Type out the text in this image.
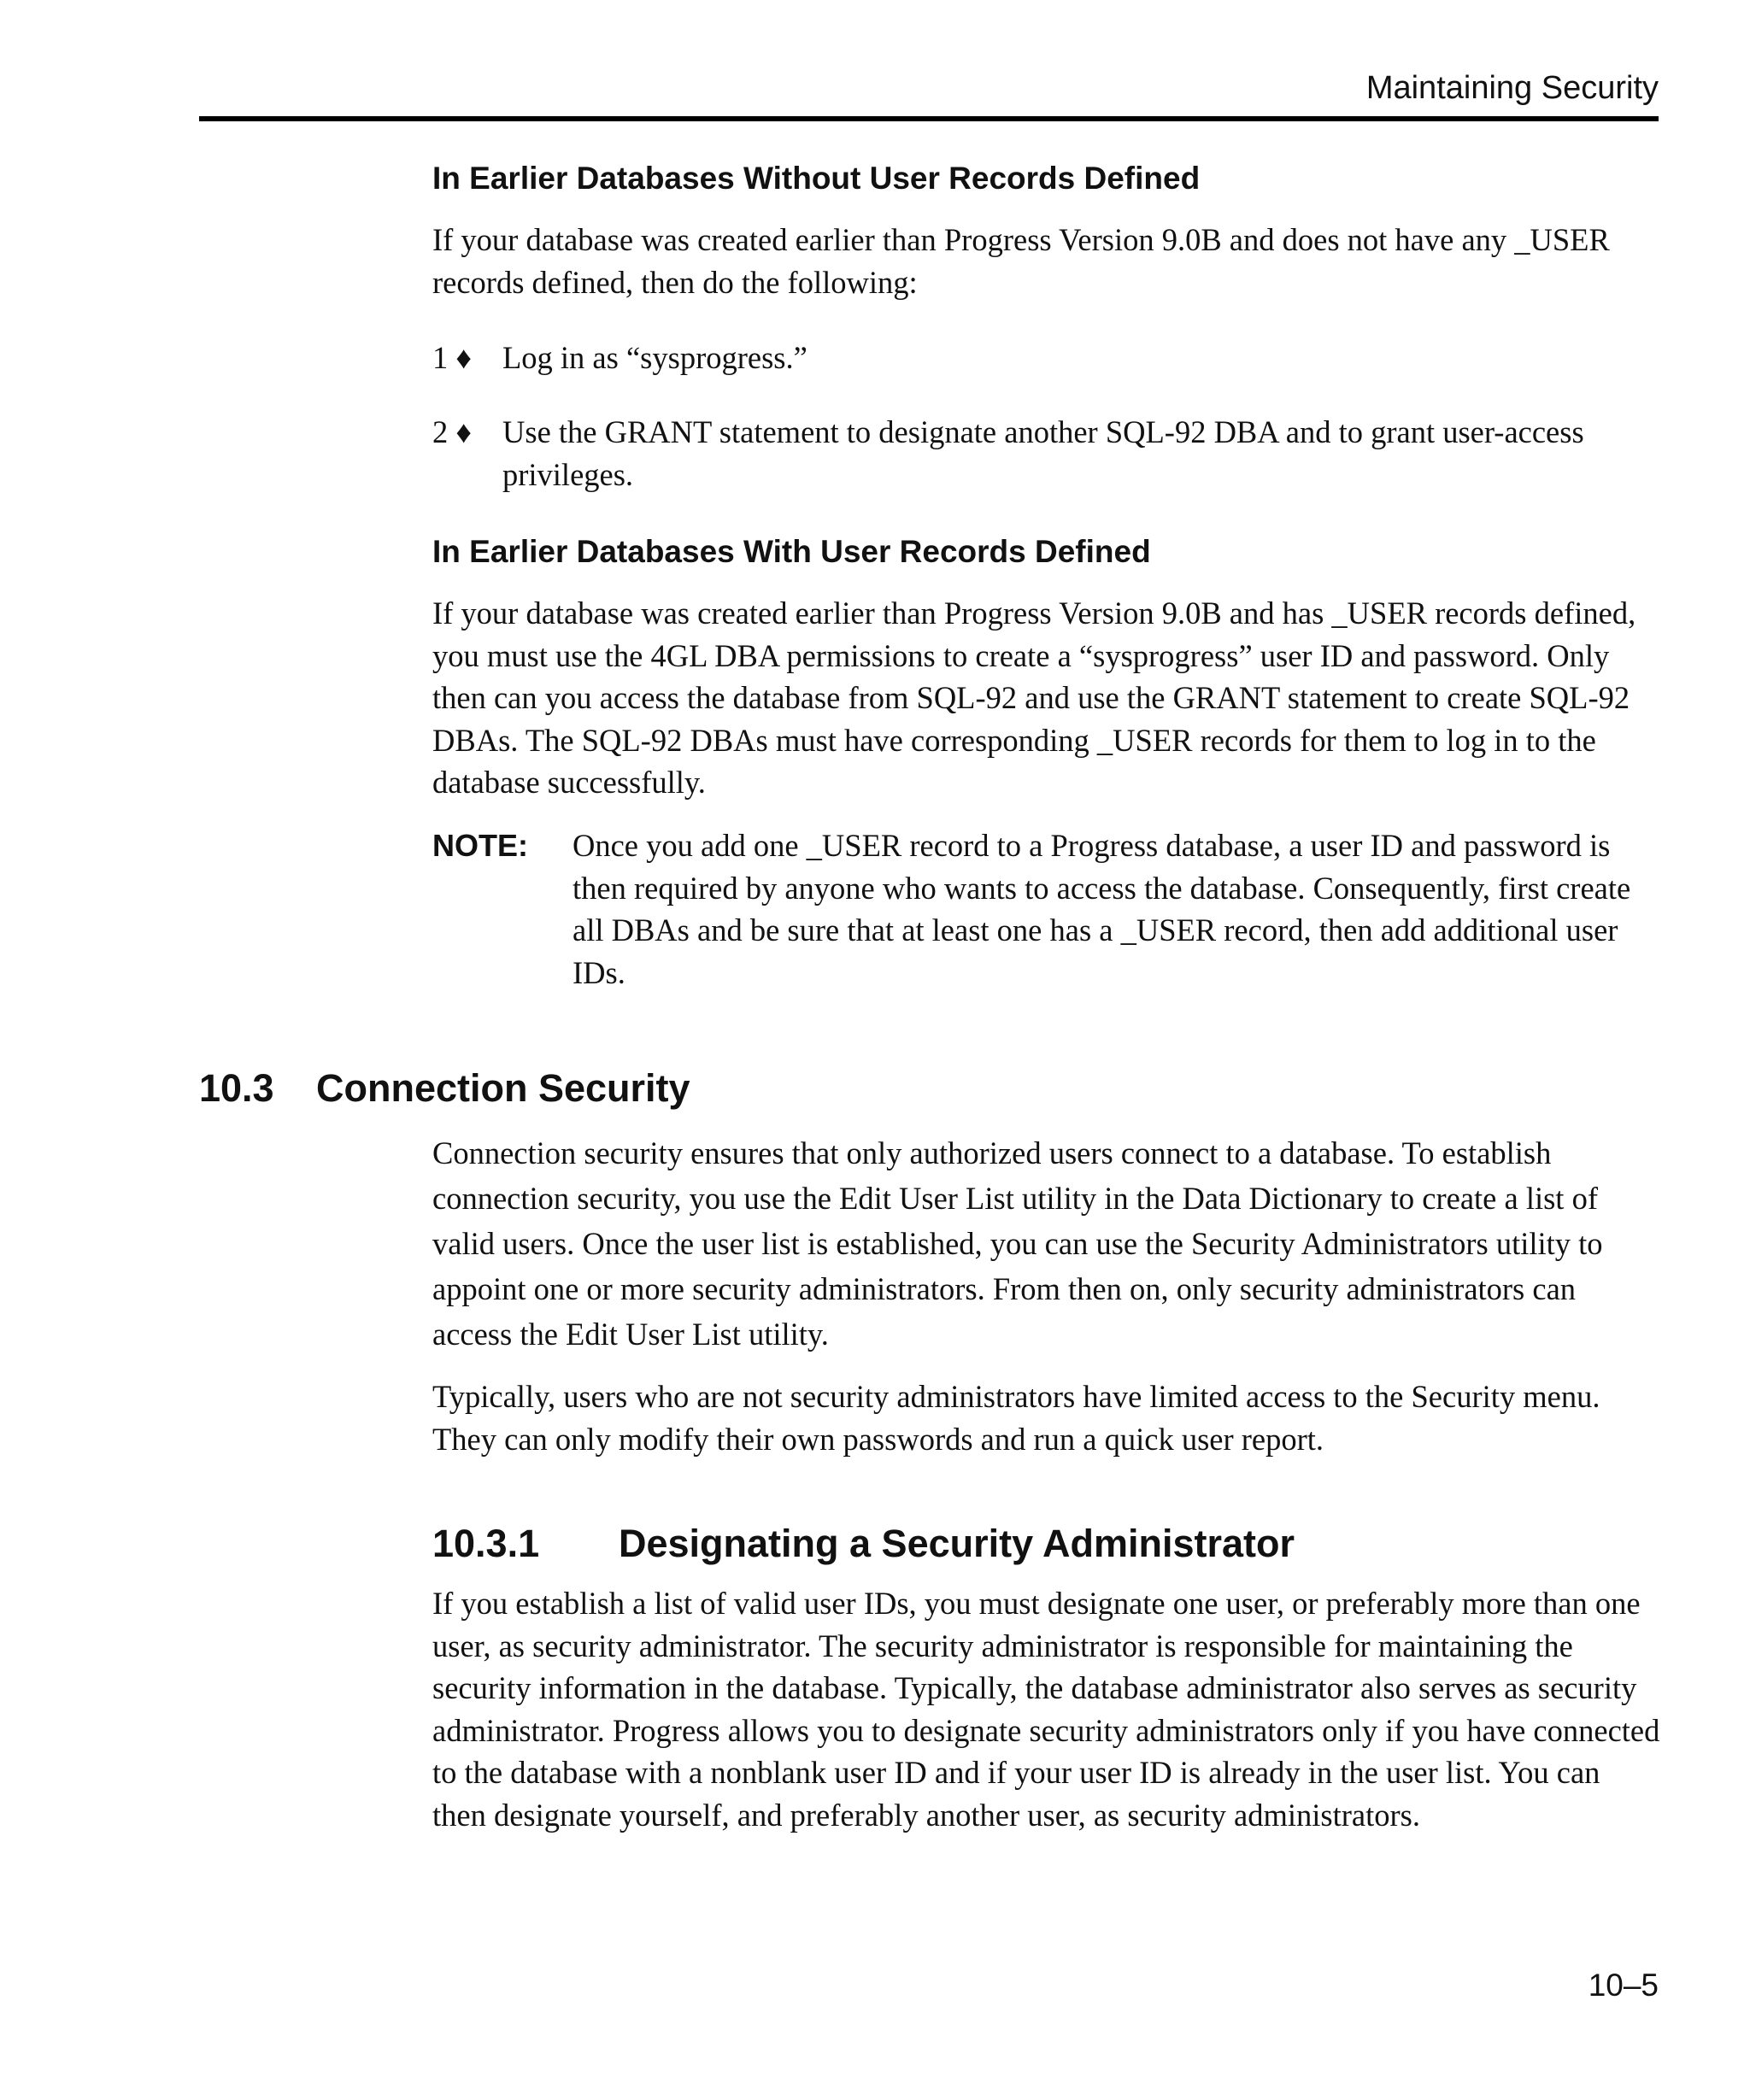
Maintaining Security
In Earlier Databases Without User Records Defined
If your database was created earlier than Progress Version 9.0B and does not have any _USER records defined, then do the following:
1 ♦ Log in as “sysprogress.”
2 ♦ Use the GRANT statement to designate another SQL-92 DBA and to grant user-access privileges.
In Earlier Databases With User Records Defined
If your database was created earlier than Progress Version 9.0B and has _USER records defined, you must use the 4GL DBA permissions to create a “sysprogress” user ID and password. Only then can you access the database from SQL-92 and use the GRANT statement to create SQL-92 DBAs. The SQL-92 DBAs must have corresponding _USER records for them to log in to the database successfully.
NOTE: Once you add one _USER record to a Progress database, a user ID and password is then required by anyone who wants to access the database. Consequently, first create all DBAs and be sure that at least one has a _USER record, then add additional user IDs.
10.3 Connection Security
Connection security ensures that only authorized users connect to a database. To establish connection security, you use the Edit User List utility in the Data Dictionary to create a list of valid users. Once the user list is established, you can use the Security Administrators utility to appoint one or more security administrators. From then on, only security administrators can access the Edit User List utility.
Typically, users who are not security administrators have limited access to the Security menu. They can only modify their own passwords and run a quick user report.
10.3.1 Designating a Security Administrator
If you establish a list of valid user IDs, you must designate one user, or preferably more than one user, as security administrator. The security administrator is responsible for maintaining the security information in the database. Typically, the database administrator also serves as security administrator. Progress allows you to designate security administrators only if you have connected to the database with a nonblank user ID and if your user ID is already in the user list. You can then designate yourself, and preferably another user, as security administrators.
10–5
